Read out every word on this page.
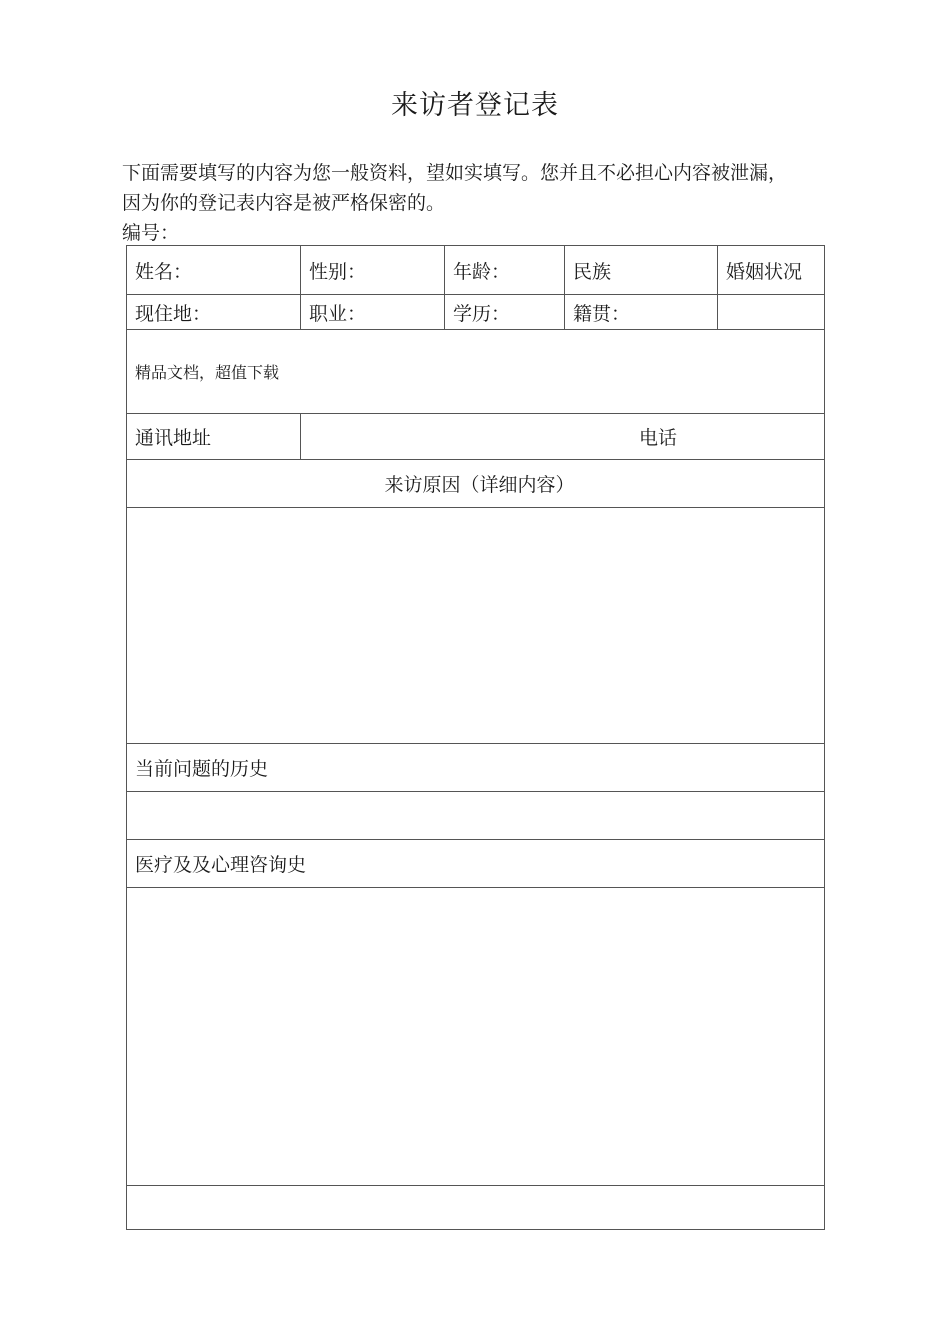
来访者登记表

下面需要填写的内容为您一般资料，望如实填写。您并且不必担心内容被泄漏，

因为你的登记表内容是被严格保密的。

编号：
姓名：	性别：	年龄：	民族	婚姻状况
现住地：	职业：	学历：	籍贯：	
精品文档，超值下载				
通讯地址	电话			
来访原因（详细内容）				

当前问题的历史				

医疗及及心理咨询史				
